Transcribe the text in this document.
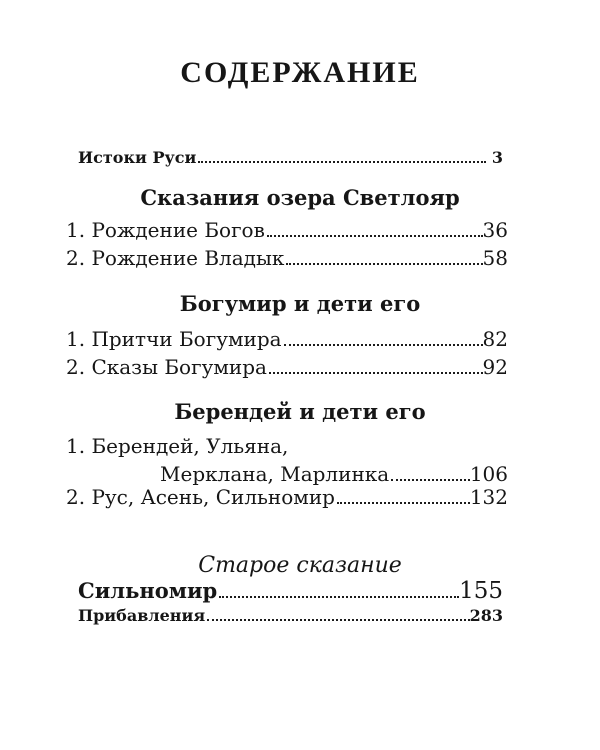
СОДЕРЖАНИЕ
Истоки Руси	3
Сказания озера Светлояр
1. Рождение Богов	36
2. Рождение Владык	58
Богумир и дети его
1. Притчи Богумира	82
2. Сказы Богумира	92
Берендей и дети его
1. Берендей, Ульяна,
Мерклана, Марлинка	106
2. Рус, Асень, Сильномир	132
Старое сказание
Сильномир	155
Прибавления	283
